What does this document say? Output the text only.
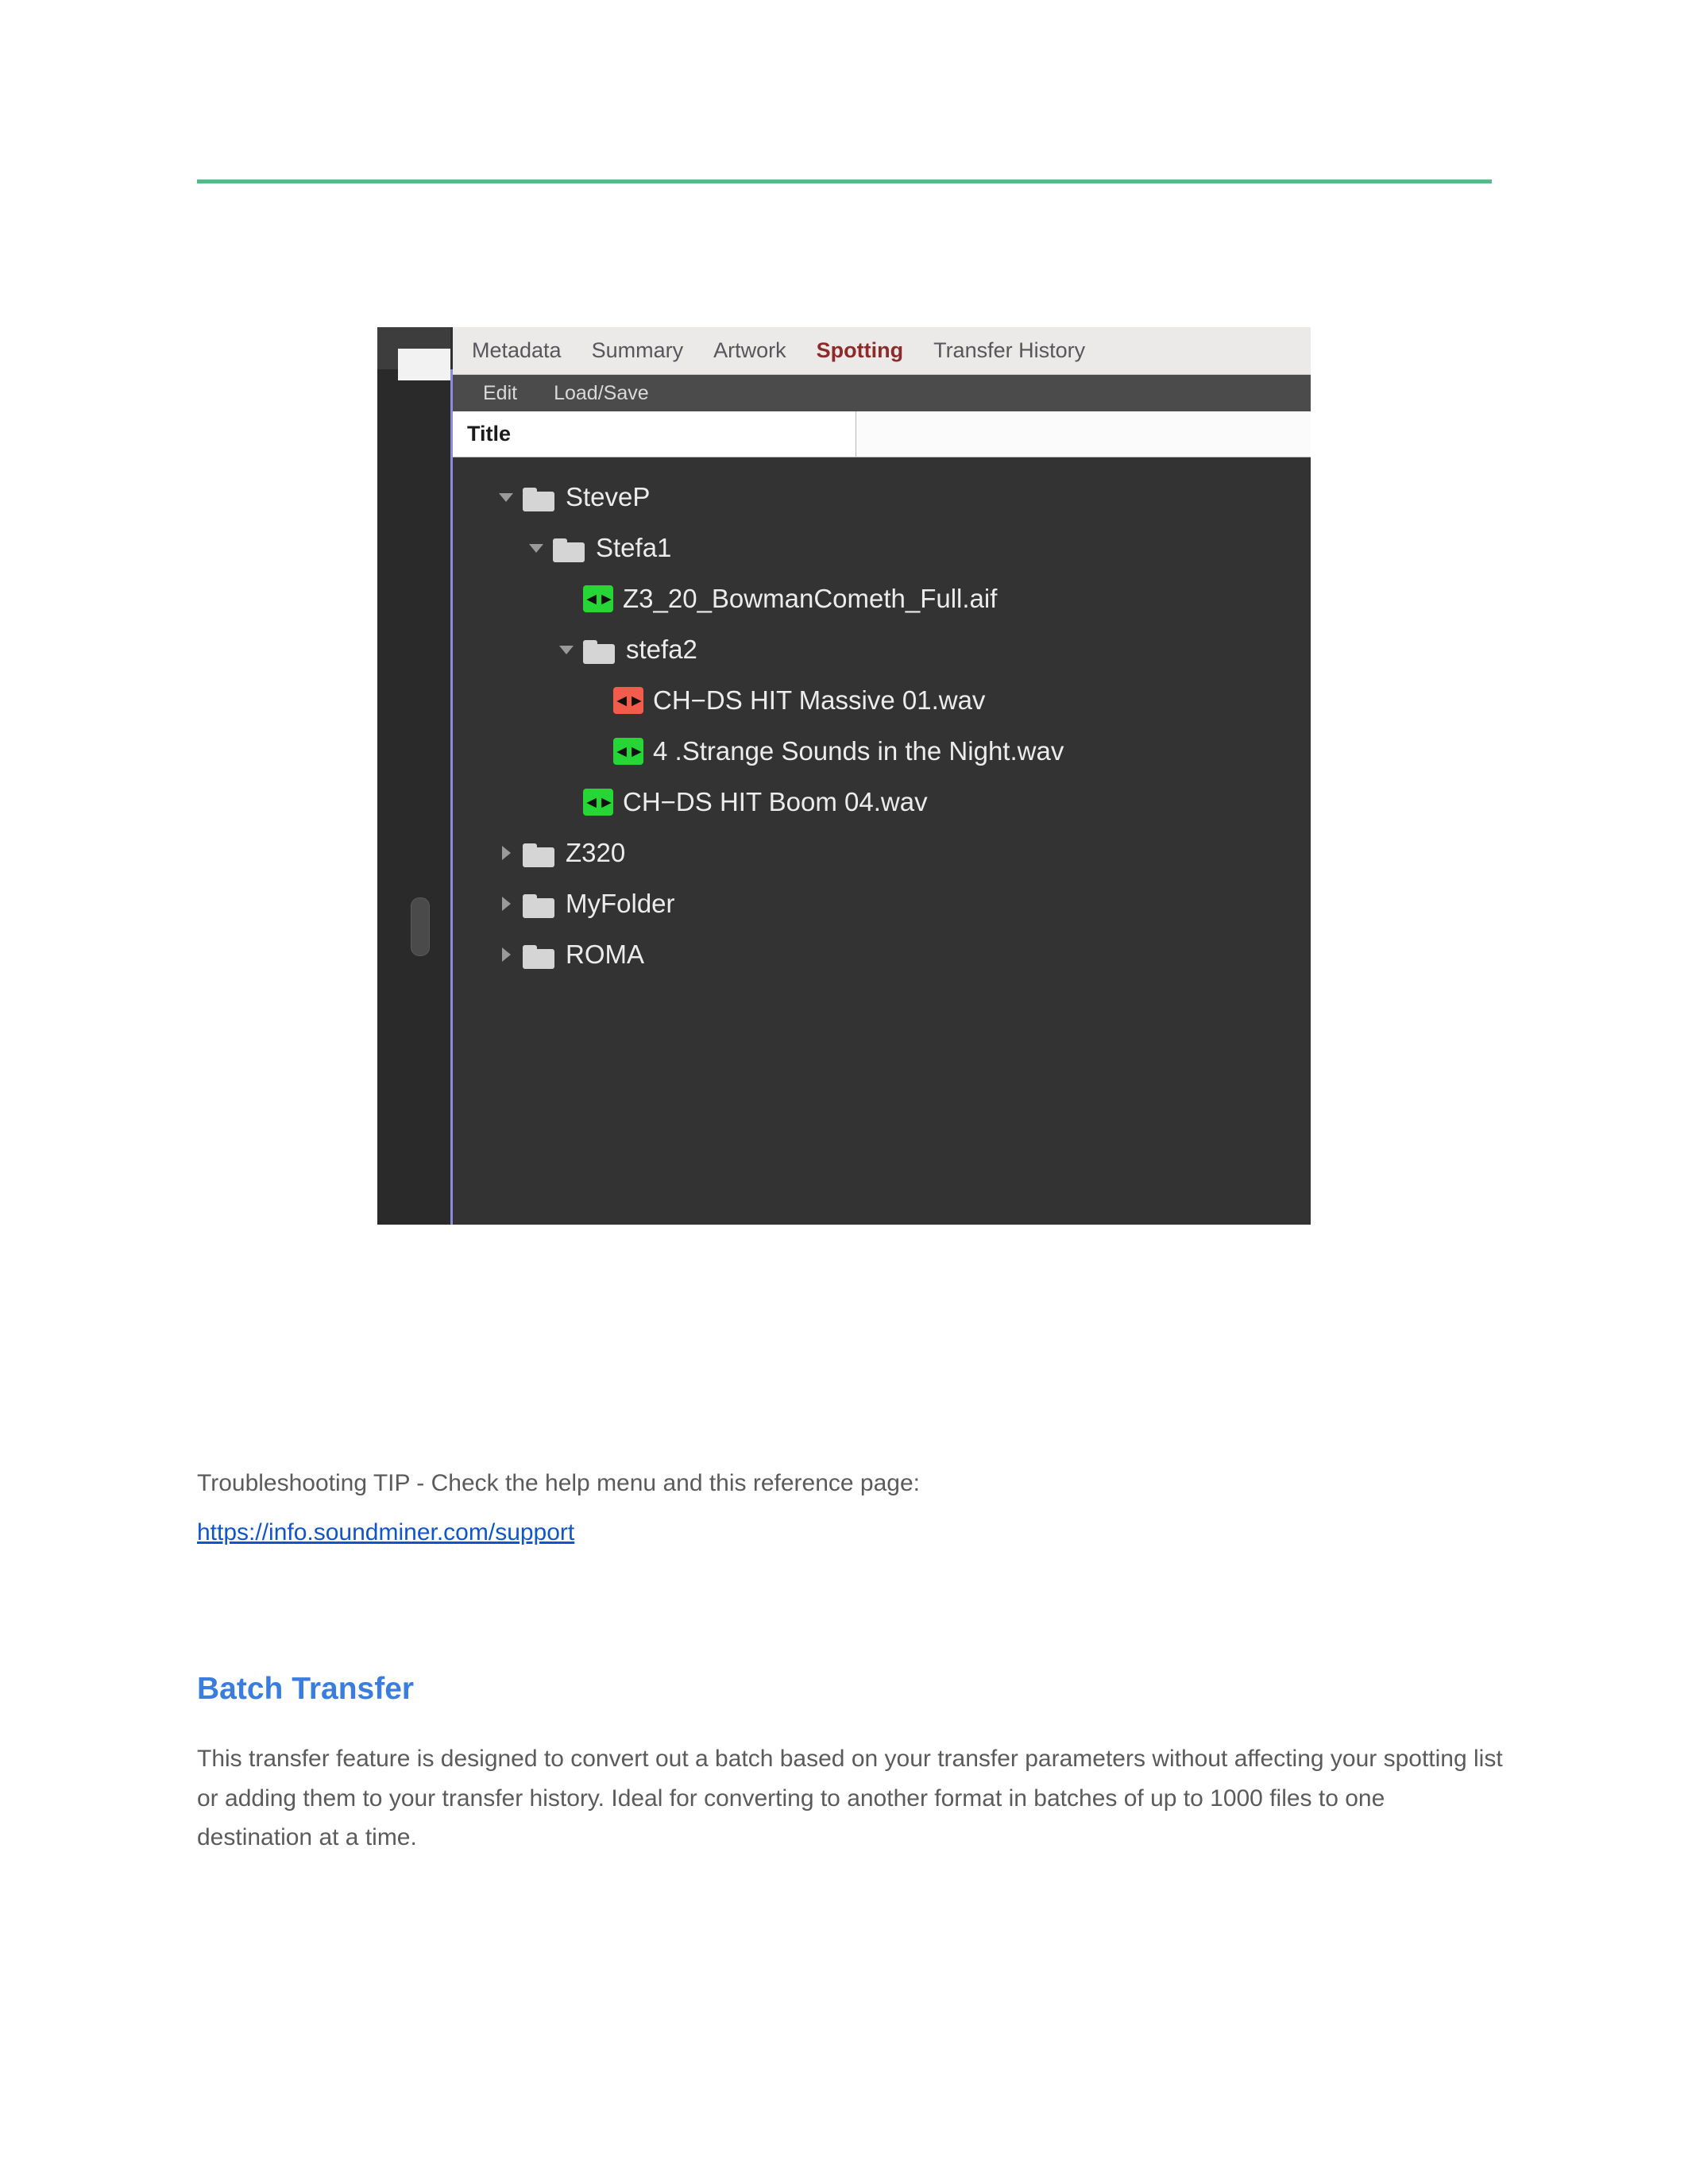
Metadata Summary Artwork Spotting Transfer History
Edit Load/Save
Title
SteveP
Stefa1
◄► Z3_20_BowmanCometh_Full.aif
stefa2
◄► CH−DS HIT Massive 01.wav
◄► 4 .Strange Sounds in the Night.wav
◄► CH−DS HIT Boom 04.wav
Z320
MyFolder
ROMA
Troubleshooting TIP - Check the help menu and this reference page:
https://info.soundminer.com/support
Batch Transfer
This transfer feature is designed to convert out a batch based on your transfer parameters without affecting your spotting list or adding them to your transfer history. Ideal for converting to another format in batches of up to 1000 files to one destination at a time.
